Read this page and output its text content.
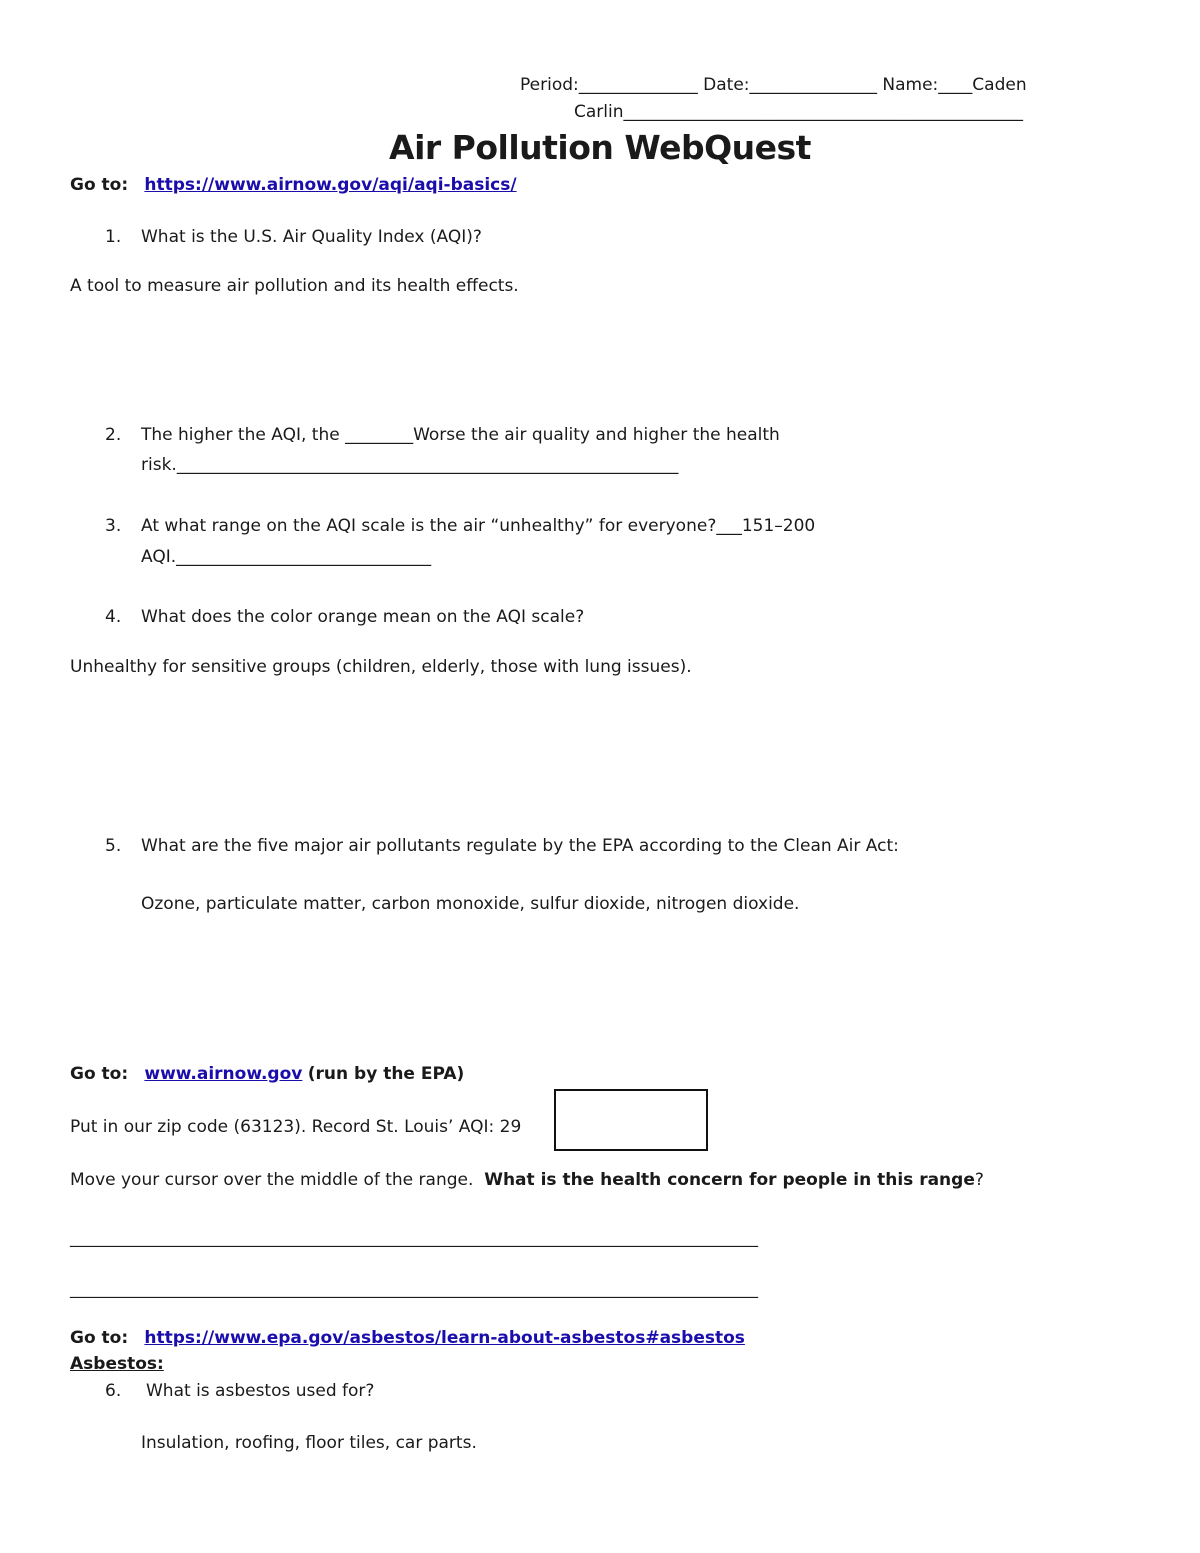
Period:______________ Date:_______________ Name:____Caden
Carlin_______________________________________________
Air Pollution WebQuest
Go to: https://www.airnow.gov/aqi/aqi-basics/
1. What is the U.S. Air Quality Index (AQI)?
A tool to measure air pollution and its health effects.
2. The higher the AQI, the ________Worse the air quality and higher the health
risk.___________________________________________________________
3. At what range on the AQI scale is the air “unhealthy” for everyone?___151–200
AQI.______________________________
4. What does the color orange mean on the AQI scale?
Unhealthy for sensitive groups (children, elderly, those with lung issues).
5. What are the five major air pollutants regulate by the EPA according to the Clean Air Act:
Ozone, particulate matter, carbon monoxide, sulfur dioxide, nitrogen dioxide.
Go to: www.airnow.gov (run by the EPA)
Put in our zip code (63123). Record St. Louis’ AQI: 29
Move your cursor over the middle of the range. What is the health concern for people in this range?
______________________________________________________________________________________
______________________________________________________________________________________
Go to: https://www.epa.gov/asbestos/learn-about-asbestos#asbestos
Asbestos:
6. What is asbestos used for?
Insulation, roofing, floor tiles, car parts.
